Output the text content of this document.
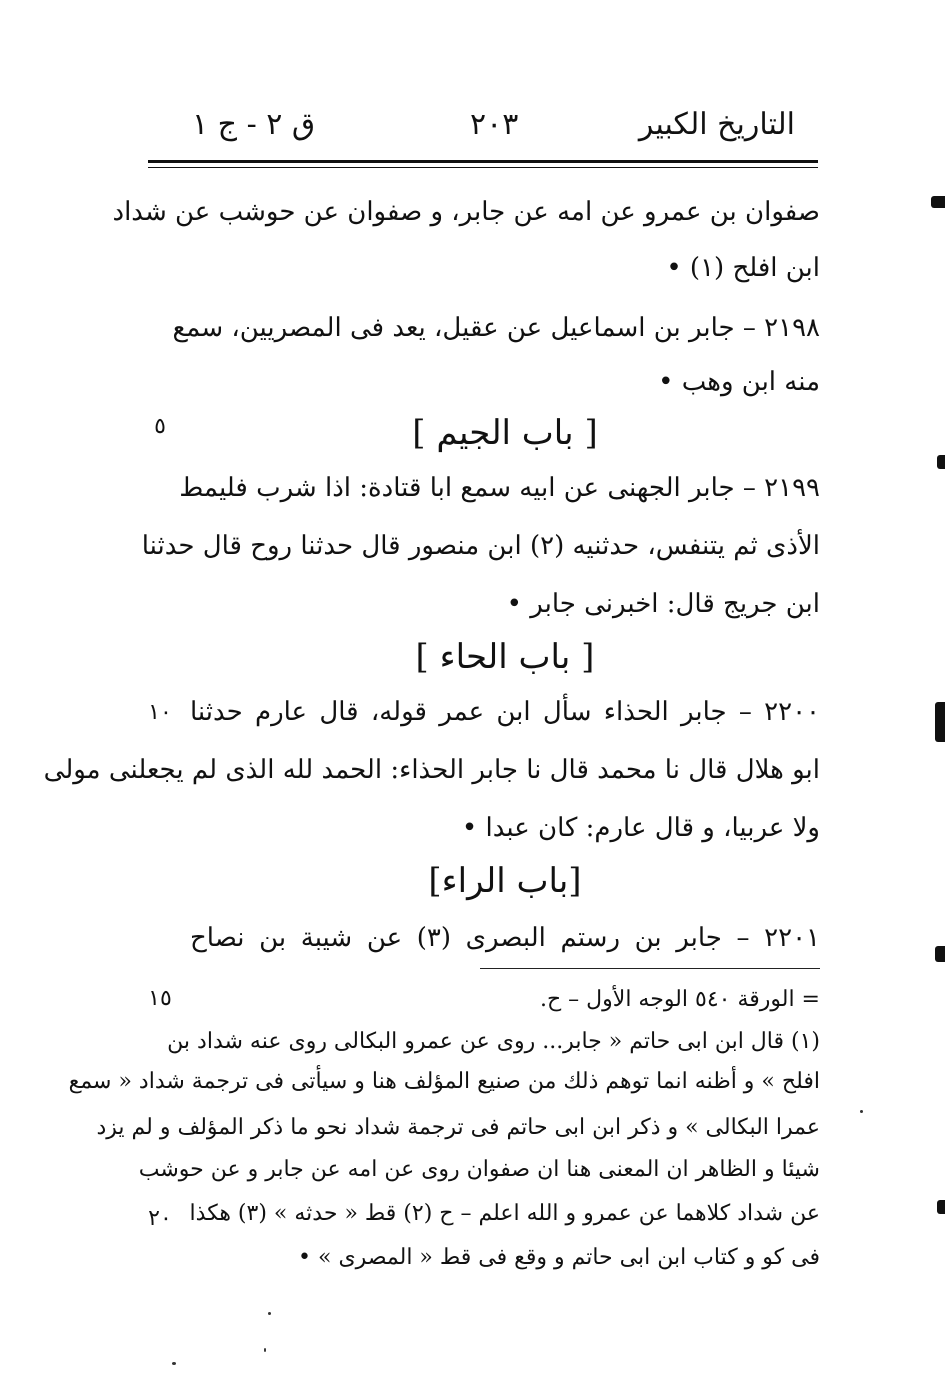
التاريخ الكبير
٢٠٣
ق ٢ - ج ١
صفوان بن عمرو عن امه عن جابر، و صفوان عن حوشب عن شداد
ابن افلح (١) •
٢١٩٨ – جابر بن اسماعيل عن عقيل، يعد فى المصريين، سمع
منه ابن وهب •
[ باب الجيم ]
٢١٩٩ – جابر الجهنى عن ابيه سمع ابا قتادة: اذا شرب فليمط
الأذى ثم يتنفس، حدثنيه (٢) ابن منصور قال حدثنا روح قال حدثنا
ابن جريج قال: اخبرنى جابر •
[ باب الحاء ]
٢٢٠٠ – جابر الحذاء سأل ابن عمر قوله، قال عارم حدثنا
ابو هلال قال نا محمد قال نا جابر الحذاء: الحمد لله الذى لم يجعلنى مولى
ولا عربيا، و قال عارم: كان عبدا •
[باب الراء]
٢٢٠١ – جابر بن رستم البصرى (٣) عن شيبة بن نصاح
= الورقة ٥٤٠ الوجه الأول – ح.
(١) قال ابن ابى حاتم « جابر... روى عن عمرو البكالى روى عنه شداد بن
افلح » و أظنه انما توهم ذلك من صنيع المؤلف هنا و سيأتى فى ترجمة شداد « سمع
عمرا البكالى » و ذكر ابن ابى حاتم فى ترجمة شداد نحو ما ذكر المؤلف و لم يزد
شيئا و الظاهر ان المعنى هنا ان صفوان روى عن امه عن جابر و عن حوشب
عن شداد كلاهما عن عمرو و الله اعلم – ح (٢) قط « حدثه » (٣) هكذا
فى كو و كتاب ابن ابى حاتم و وقع فى قط « المصرى » •
٥
١٠
١٥
٢٠
